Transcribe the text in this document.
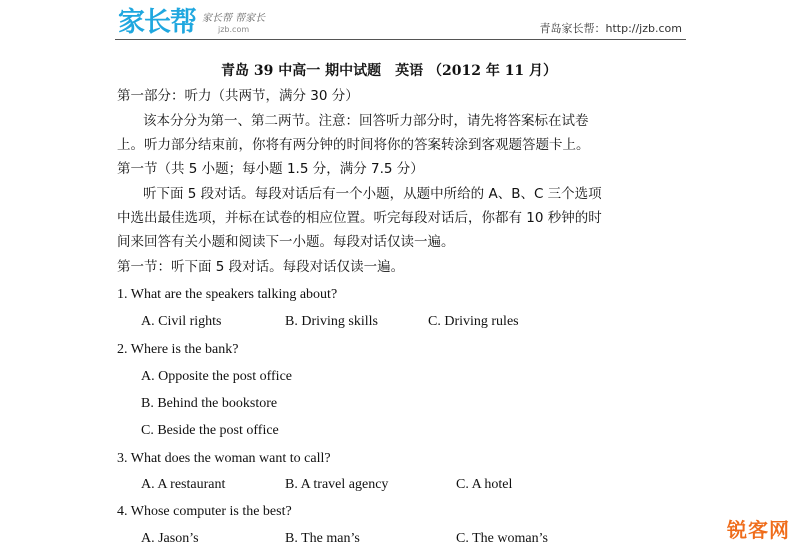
家长帮 家长帮 帮家长
jzb.com	青岛家长帮：http://jzb.com
青岛 39 中高一 期中试题　英语 （2012 年 11 月）
第一部分：听力（共两节，满分 30 分）
该本分分为第一、第二两节。注意：回答听力部分时，请先将答案标在试卷
上。听力部分结束前，你将有两分钟的时间将你的答案转涂到客观题答题卡上。
第一节（共 5 小题；每小题 1.5 分，满分 7.5 分）
听下面 5 段对话。每段对话后有一个小题，从题中所给的 A、B、C 三个选项
中选出最佳选项，并标在试卷的相应位置。听完每段对话后，你都有 10 秒钟的时
间来回答有关小题和阅读下一小题。每段对话仅读一遍。
第一节：听下面 5 段对话。每段对话仅读一遍。
1. What are the speakers talking about?
A. Civil rights	B. Driving skills	C. Driving rules
2. Where is the bank?
A. Opposite the post office
B. Behind the bookstore
C. Beside the post office
3. What does the woman want to call?
A. A restaurant	B. A travel agency	C. A hotel
4. Whose computer is the best?
A. Jason’s	B. The man’s	C. The woman’s	锐客网
